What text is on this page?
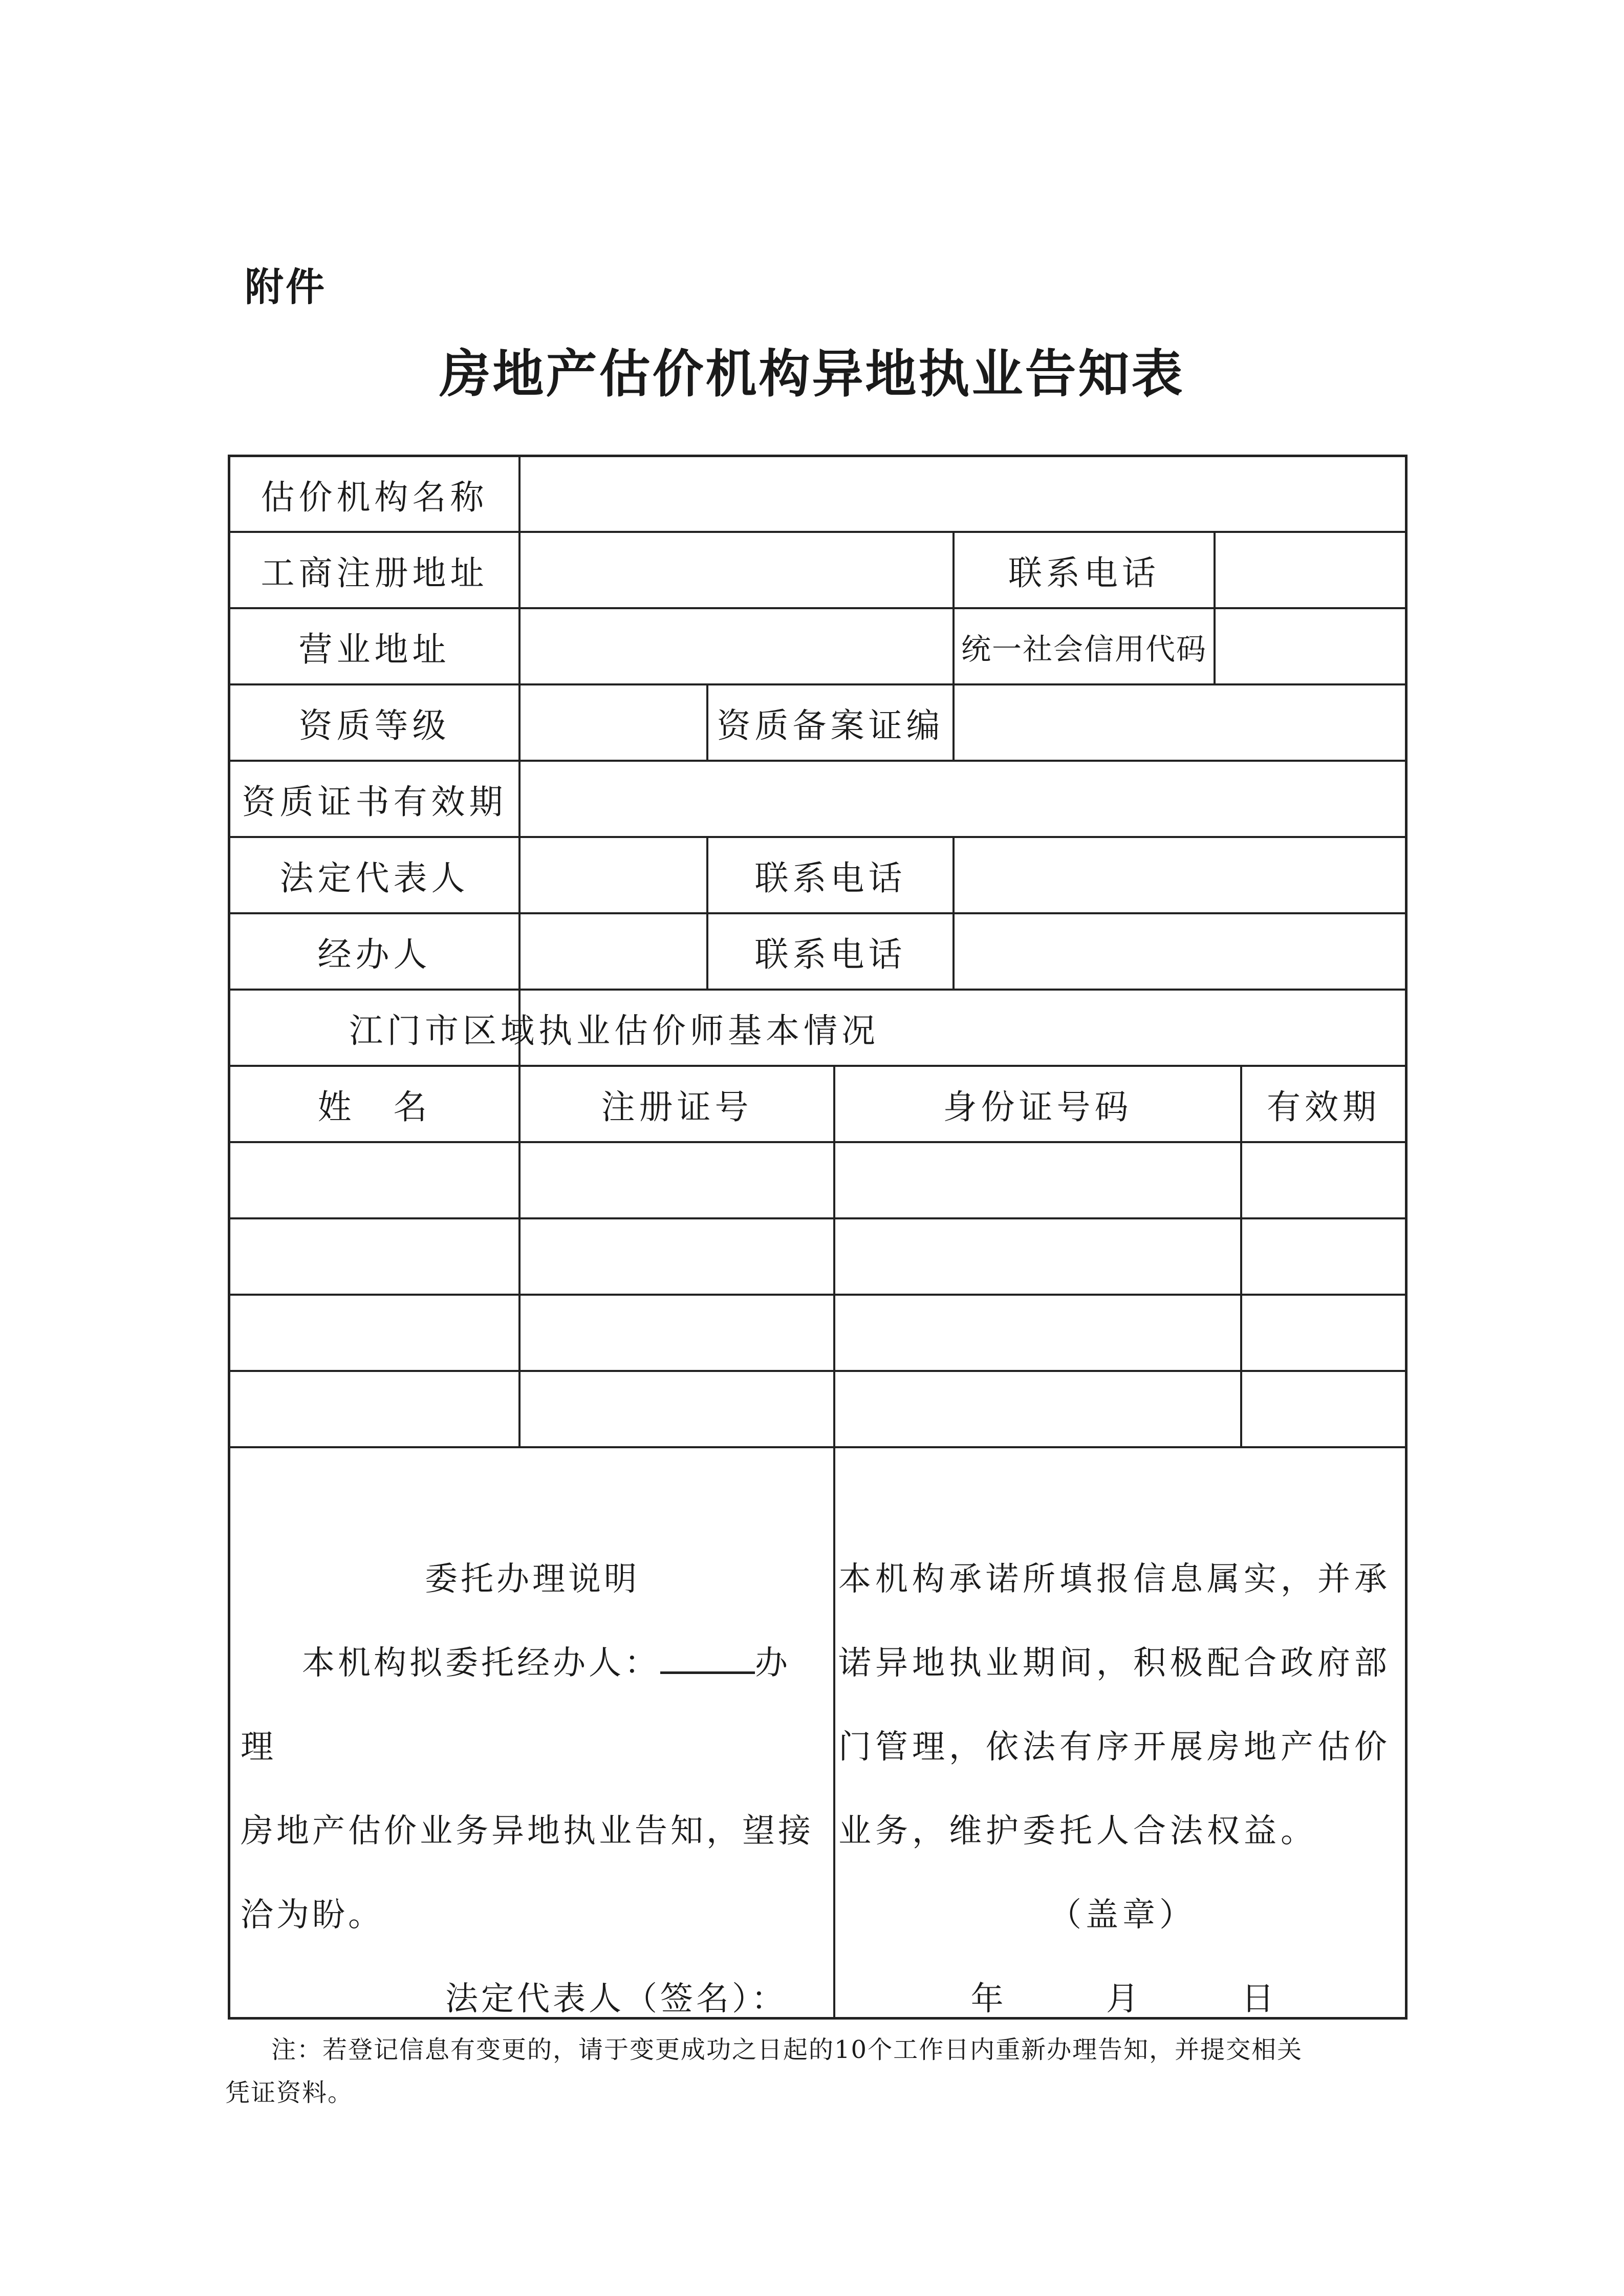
附件
房地产估价机构异地执业告知表
估价机构名称
工商注册地址	联系电话
营业地址	统一社会信用代码
资质等级	资质备案证编
资质证书有效期
法定代表人	联系电话
经办人	联系电话
江门市区域执业估价师基本情况
姓　名	注册证号	身份证号码	有效期
委托办理说明
本机构拟委托经办人：	办理
房地产估价业务异地执业告知，望接
洽为盼。
法定代表人（签名）：
本机构承诺所填报信息属实，并承
诺异地执业期间，积极配合政府部
门管理，依法有序开展房地产估价
业务，维护委托人合法权益。
（盖章）
年 月 日
注：若登记信息有变更的，请于变更成功之日起的10个工作日内重新办理告知，并提交相关
凭证资料。
